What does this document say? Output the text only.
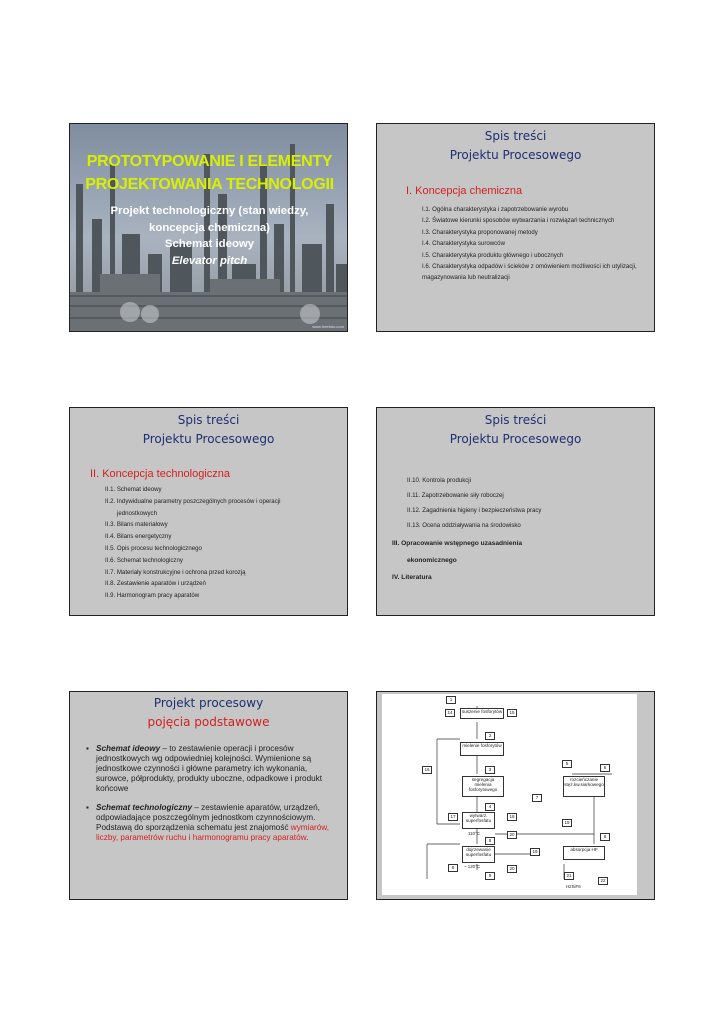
PROTOTYPOWANIE I ELEMENTY
PROJEKTOWANIA TECHNOLOGII
Projekt technologiczny (stan wiedzy,
koncepcja chemiczna)
Schemat ideowy
Elevator pitch
www.freefoto.com
Spis treści
Projektu Procesowego
I. Koncepcja chemiczna
I.1. Ogólna charakterystyka i zapotrzebowanie wyrobu
I.2. Światowe kierunki sposobów wytwarzania i rozwiązań technicznych
I.3. Charakterystyka proponowanej metody
I.4. Charakterystyka surowców
I.5. Charakterystyka produktu głównego i ubocznych
I.6. Charakterystyka odpadów i ścieków z omówieniem możliwości ich utylizacji, magazynowania lub neutralizacji
Spis treści
Projektu Procesowego
II. Koncepcja technologiczna
II.1. Schemat ideowy
II.2. Indywidualne parametry poszczególnych procesów i operacji jednostkowych
II.3. Bilans materiałowy
II.4. Bilans energetyczny
II.5. Opis procesu technologicznego
II.6. Schemat technologiczny
II.7. Materiały konstrukcyjne i ochrona przed korozją
II.8. Zestawienie aparatów i urządzeń
II.9. Harmonogram pracy aparatów
Spis treści
Projektu Procesowego
II.10. Kontrola produkcji
II.11. Zapotrzebowanie siły roboczej
II.12. Zagadnienia higieny i bezpieczeństwa pracy
II.13. Ocena oddziaływania na środowisko
III. Opracowanie wstępnego uzasadnienia
ekonomicznego
IV. Literatura
Projekt procesowy
pojęcia podstawowe
▪ Schemat ideowy – to zestawienie operacji i procesów jednostkowych wg odpowiedniej kolejności. Wymienione są jednostkowe czynności i główne parametry ich wykonania, surowce, półprodukty, produkty uboczne, odpadkowe i produkt końcowe
▪ Schemat technologiczny – zestawienie aparatów, urządzeń, odpowiadające poszczególnym jednostkom czynnościowym. Podstawą do sporządzenia schematu jest znajomość wymiarów, liczby, parametrów ruchu i harmonogramu pracy aparatów.
1
14	suszenie fosforytów	15
2
mielenie fosforytów
3
16
5
6
segregacja mielenia fosforytowego
rozcieńczanie stęż.kw.siarkowego
7
4
17	wytwarz. superfosfatu
18
19
6
110°C	20
8
dojrzewanie superfosfatu
19	absorpcja HF
6	~ 120°C	20
9	21
22
H2SiF6
